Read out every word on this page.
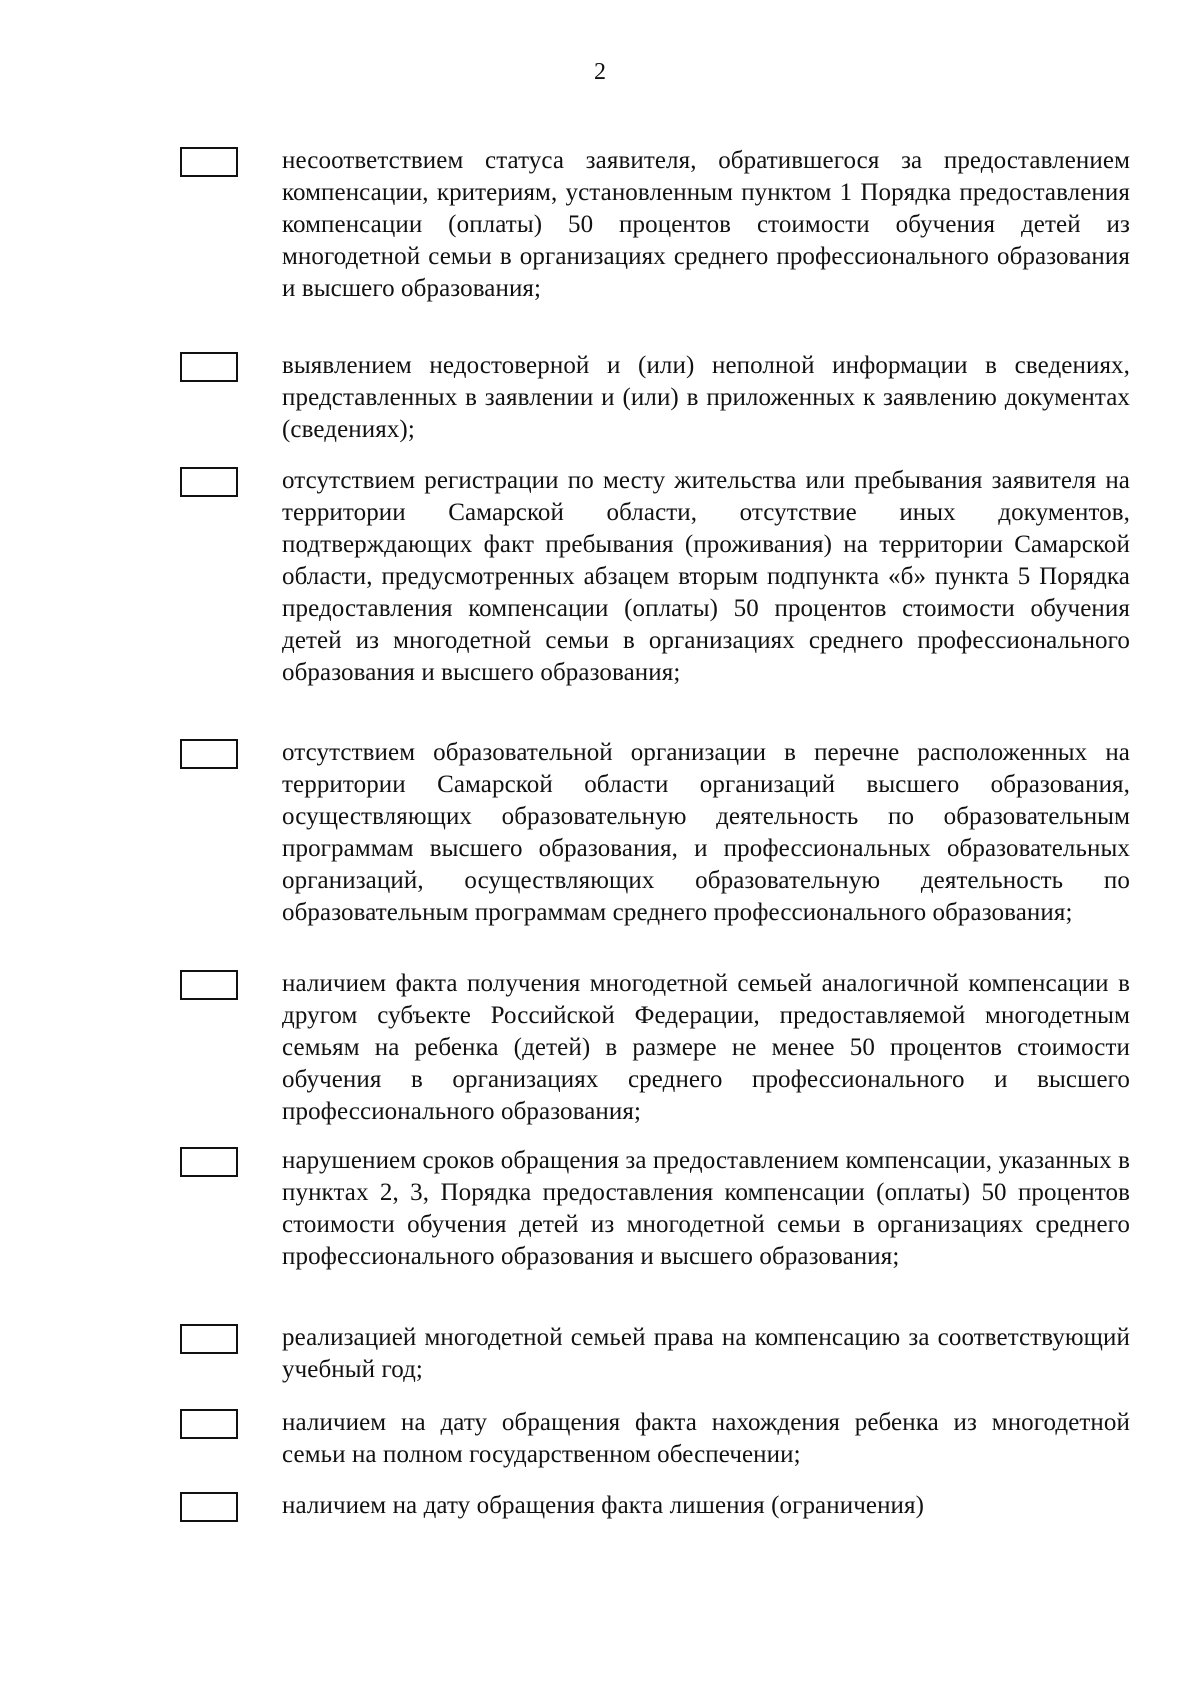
2
несоответствием статуса заявителя, обратившегося за предоставлением компенсации, критериям, установленным пунктом 1 Порядка предоставления компенсации (оплаты) 50 процентов стоимости обучения детей из многодетной семьи в организациях среднего профессионального образования и высшего образования;
выявлением недостоверной и (или) неполной информации в сведениях, представленных в заявлении и (или) в приложенных к заявлению документах (сведениях);
отсутствием регистрации по месту жительства или пребывания заявителя на территории Самарской области, отсутствие иных документов, подтверждающих факт пребывания (проживания) на территории Самарской области, предусмотренных абзацем вторым подпункта «б» пункта 5 Порядка предоставления компенсации (оплаты) 50 процентов стоимости обучения детей из многодетной семьи в организациях среднего профессионального образования и высшего образования;
отсутствием образовательной организации в перечне расположенных на территории Самарской области организаций высшего образования, осуществляющих образовательную деятельность по образовательным программам высшего образования, и профессиональных образовательных организаций, осуществляющих образовательную деятельность по образовательным программам среднего профессионального образования;
наличием факта получения многодетной семьей аналогичной компенсации в другом субъекте Российской Федерации, предоставляемой многодетным семьям на ребенка (детей) в размере не менее 50 процентов стоимости обучения в организациях среднего профессионального и высшего профессионального образования;
нарушением сроков обращения за предоставлением компенсации, указанных в пунктах 2, 3, Порядка предоставления компенсации (оплаты) 50 процентов стоимости обучения детей из многодетной семьи в организациях среднего профессионального образования и высшего образования;
реализацией многодетной семьей права на компенсацию за соответствующий учебный год;
наличием на дату обращения факта нахождения ребенка из многодетной семьи на полном государственном обеспечении;
наличием на дату обращения факта лишения (ограничения)
